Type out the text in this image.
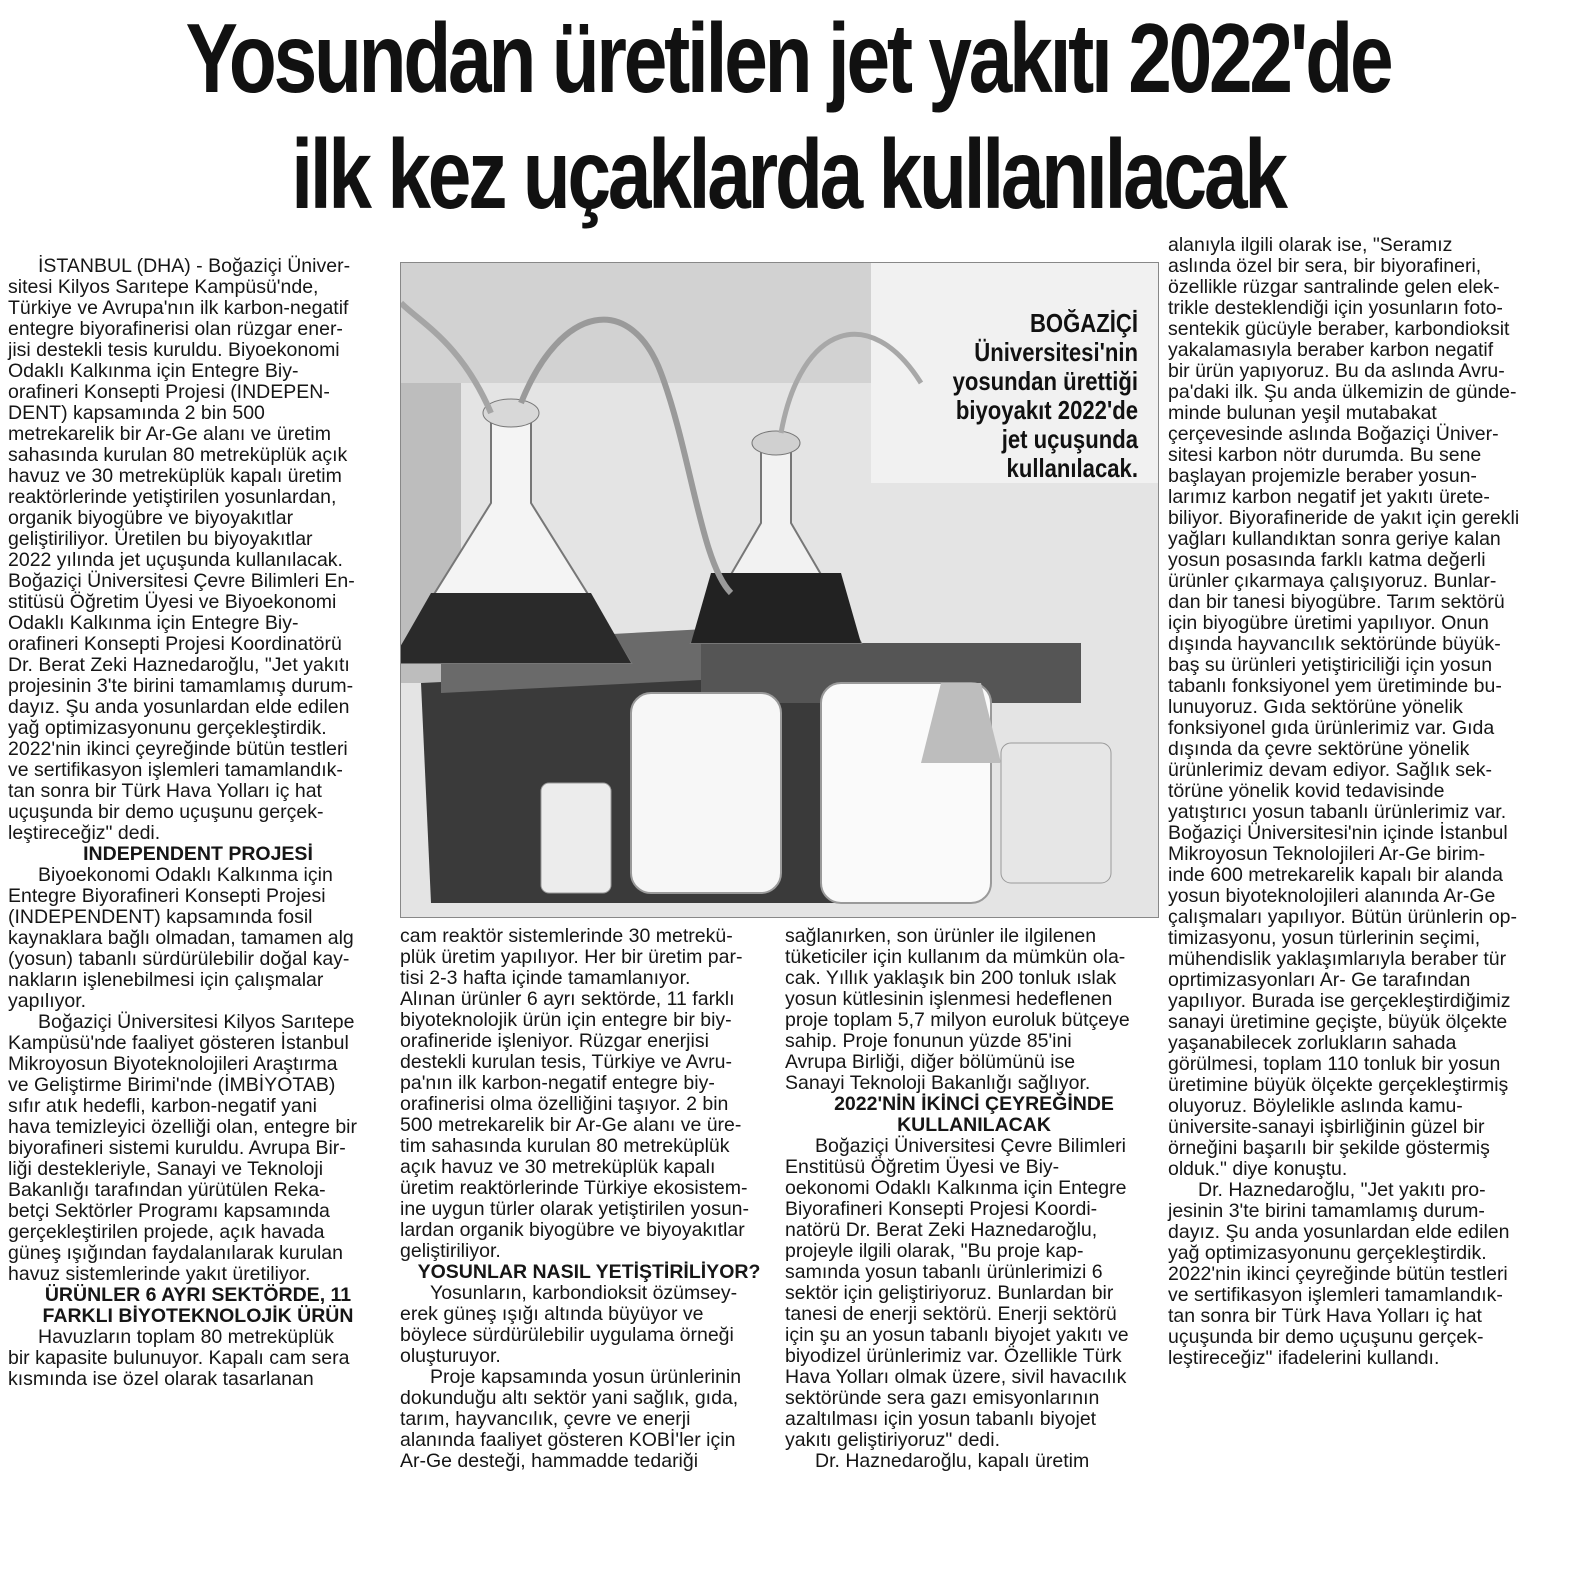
Yosundan üretilen jet yakıtı 2022'de
ilk kez uçaklarda kullanılacak

İSTANBUL (DHA) - Boğaziçi Üniver-

sitesi Kilyos Sarıtepe Kampüsü'nde,

Türkiye ve Avrupa'nın ilk karbon-negatif

entegre biyorafinerisi olan rüzgar ener-

jisi destekli tesis kuruldu. Biyoekonomi

Odaklı Kalkınma için Entegre Biy-

orafineri Konsepti Projesi (INDEPEN-

DENT) kapsamında 2 bin 500

metrekarelik bir Ar-Ge alanı ve üretim

sahasında kurulan 80 metreküplük açık

havuz ve 30 metreküplük kapalı üretim

reaktörlerinde yetiştirilen yosunlardan,

organik biyogübre ve biyoyakıtlar

geliştiriliyor. Üretilen bu biyoyakıtlar

2022 yılında jet uçuşunda kullanılacak.

Boğaziçi Üniversitesi Çevre Bilimleri En-

stitüsü Öğretim Üyesi ve Biyoekonomi

Odaklı Kalkınma için Entegre Biy-

orafineri Konsepti Projesi Koordinatörü

Dr. Berat Zeki Haznedaroğlu, "Jet yakıtı

projesinin 3'te birini tamamlamış durum-

dayız. Şu anda yosunlardan elde edilen

yağ optimizasyonunu gerçekleştirdik.

2022'nin ikinci çeyreğinde bütün testleri

ve sertifikasyon işlemleri tamamlandık-

tan sonra bir Türk Hava Yolları iç hat

uçuşunda bir demo uçuşunu gerçek-

leştireceğiz" dedi.

INDEPENDENT PROJESİ

Biyoekonomi Odaklı Kalkınma için

Entegre Biyorafineri Konsepti Projesi

(INDEPENDENT) kapsamında fosil

kaynaklara bağlı olmadan, tamamen alg

(yosun) tabanlı sürdürülebilir doğal kay-

nakların işlenebilmesi için çalışmalar

yapılıyor.

Boğaziçi Üniversitesi Kilyos Sarıtepe

Kampüsü'nde faaliyet gösteren İstanbul

Mikroyosun Biyoteknolojileri Araştırma

ve Geliştirme Birimi'nde (İMBİYOTAB)

sıfır atık hedefli, karbon-negatif yani

hava temizleyici özelliği olan, entegre bir

biyorafineri sistemi kuruldu. Avrupa Bir-

liği destekleriyle, Sanayi ve Teknoloji

Bakanlığı tarafından yürütülen Reka-

betçi Sektörler Programı kapsamında

gerçekleştirilen projede, açık havada

güneş ışığından faydalanılarak kurulan

havuz sistemlerinde yakıt üretiliyor.

ÜRÜNLER 6 AYRI SEKTÖRDE, 11

FARKLI BİYOTEKNOLOJİK ÜRÜN

Havuzların toplam 80 metreküplük

bir kapasite bulunuyor. Kapalı cam sera

kısmında ise özel olarak tasarlanan

BOĞAZİÇİ
Üniversitesi'nin
yosundan ürettiği
biyoyakıt 2022'de
jet uçuşunda
kullanılacak.

cam reaktör sistemlerinde 30 metrekü-

plük üretim yapılıyor. Her bir üretim par-

tisi 2-3 hafta içinde tamamlanıyor.

Alınan ürünler 6 ayrı sektörde, 11 farklı

biyoteknolojik ürün için entegre bir biy-

orafineride işleniyor. Rüzgar enerjisi

destekli kurulan tesis, Türkiye ve Avru-

pa'nın ilk karbon-negatif entegre biy-

orafinerisi olma özelliğini taşıyor. 2 bin

500 metrekarelik bir Ar-Ge alanı ve üre-

tim sahasında kurulan 80 metreküplük

açık havuz ve 30 metreküplük kapalı

üretim reaktörlerinde Türkiye ekosistem-

ine uygun türler olarak yetiştirilen yosun-

lardan organik biyogübre ve biyoyakıtlar

geliştiriliyor.

YOSUNLAR NASIL YETİŞTİRİLİYOR?

Yosunların, karbondioksit özümsey-

erek güneş ışığı altında büyüyor ve

böylece sürdürülebilir uygulama örneği

oluşturuyor.

Proje kapsamında yosun ürünlerinin

dokunduğu altı sektör yani sağlık, gıda,

tarım, hayvancılık, çevre ve enerji

alanında faaliyet gösteren KOBİ'ler için

Ar-Ge desteği, hammadde tedariği

sağlanırken, son ürünler ile ilgilenen

tüketiciler için kullanım da mümkün ola-

cak. Yıllık yaklaşık bin 200 tonluk ıslak

yosun kütlesinin işlenmesi hedeflenen

proje toplam 5,7 milyon euroluk bütçeye

sahip. Proje fonunun yüzde 85'ini

Avrupa Birliği, diğer bölümünü ise

Sanayi Teknoloji Bakanlığı sağlıyor.

2022'NİN İKİNCİ ÇEYREĞİNDE

KULLANILACAK

Boğaziçi Üniversitesi Çevre Bilimleri

Enstitüsü Öğretim Üyesi ve Biy-

oekonomi Odaklı Kalkınma için Entegre

Biyorafineri Konsepti Projesi Koordi-

natörü Dr. Berat Zeki Haznedaroğlu,

projeyle ilgili olarak, "Bu proje kap-

samında yosun tabanlı ürünlerimizi 6

sektör için geliştiriyoruz. Bunlardan bir

tanesi de enerji sektörü. Enerji sektörü

için şu an yosun tabanlı biyojet yakıtı ve

biyodizel ürünlerimiz var. Özellikle Türk

Hava Yolları olmak üzere, sivil havacılık

sektöründe sera gazı emisyonlarının

azaltılması için yosun tabanlı biyojet

yakıtı geliştiriyoruz" dedi.

Dr. Haznedaroğlu, kapalı üretim

alanıyla ilgili olarak ise, "Seramız

aslında özel bir sera, bir biyorafineri,

özellikle rüzgar santralinde gelen elek-

trikle desteklendiği için yosunların foto-

sentekik gücüyle beraber, karbondioksit

yakalamasıyla beraber karbon negatif

bir ürün yapıyoruz. Bu da aslında Avru-

pa'daki ilk. Şu anda ülkemizin de günde-

minde bulunan yeşil mutabakat

çerçevesinde aslında Boğaziçi Üniver-

sitesi karbon nötr durumda. Bu sene

başlayan projemizle beraber yosun-

larımız karbon negatif jet yakıtı ürete-

biliyor. Biyorafineride de yakıt için gerekli

yağları kullandıktan sonra geriye kalan

yosun posasında farklı katma değerli

ürünler çıkarmaya çalışıyoruz. Bunlar-

dan bir tanesi biyogübre. Tarım sektörü

için biyogübre üretimi yapılıyor. Onun

dışında hayvancılık sektöründe büyük-

baş su ürünleri yetiştiriciliği için yosun

tabanlı fonksiyonel yem üretiminde bu-

lunuyoruz. Gıda sektörüne yönelik

fonksiyonel gıda ürünlerimiz var. Gıda

dışında da çevre sektörüne yönelik

ürünlerimiz devam ediyor. Sağlık sek-

törüne yönelik kovid tedavisinde

yatıştırıcı yosun tabanlı ürünlerimiz var.

Boğaziçi Üniversitesi'nin içinde İstanbul

Mikroyosun Teknolojileri Ar-Ge birim-

inde 600 metrekarelik kapalı bir alanda

yosun biyoteknolojileri alanında Ar-Ge

çalışmaları yapılıyor. Bütün ürünlerin op-

timizasyonu, yosun türlerinin seçimi,

mühendislik yaklaşımlarıyla beraber tür

oprtimizasyonları Ar- Ge tarafından

yapılıyor. Burada ise gerçekleştirdiğimiz

sanayi üretimine geçişte, büyük ölçekte

yaşanabilecek zorlukların sahada

görülmesi, toplam 110 tonluk bir yosun

üretimine büyük ölçekte gerçekleştirmiş

oluyoruz. Böylelikle aslında kamu-

üniversite-sanayi işbirliğinin güzel bir

örneğini başarılı bir şekilde göstermiş

olduk." diye konuştu.

Dr. Haznedaroğlu, "Jet yakıtı pro-

jesinin 3'te birini tamamlamış durum-

dayız. Şu anda yosunlardan elde edilen

yağ optimizasyonunu gerçekleştirdik.

2022'nin ikinci çeyreğinde bütün testleri

ve sertifikasyon işlemleri tamamlandık-

tan sonra bir Türk Hava Yolları iç hat

uçuşunda bir demo uçuşunu gerçek-

leştireceğiz" ifadelerini kullandı.
